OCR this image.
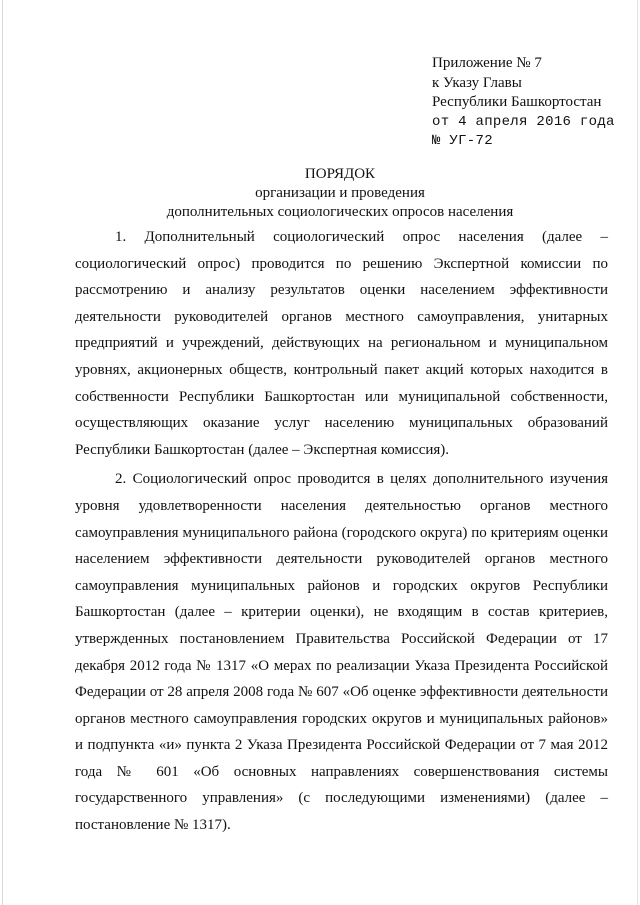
Приложение № 7
к Указу Главы
Республики Башкортостан
от 4 апреля 2016 года
№ УГ-72
ПОРЯДОК
организации и проведения
дополнительных социологических опросов населения

1. Дополнительный социологический опрос населения (далее – социологический опрос) проводится по решению Экспертной комиссии по рассмотрению и анализу результатов оценки населением эффективности деятельности руководителей органов местного самоуправления, унитарных предприятий и учреждений, действующих на региональном и муниципальном уровнях, акционерных обществ, контрольный пакет акций которых находится в собственности Республики Башкортостан или муниципальной собственности, осуществляющих оказание услуг населению муниципальных образований Республики Башкортостан (далее – Экспертная комиссия).

2. Социологический опрос проводится в целях дополнительного изучения уровня удовлетворенности населения деятельностью органов местного самоуправления муниципального района (городского округа) по критериям оценки населением эффективности деятельности руководителей органов местного самоуправления муниципальных районов и городских округов Республики Башкортостан (далее – критерии оценки), не входящим в состав критериев, утвержденных постановлением Правительства Российской Федерации от 17 декабря 2012 года № 1317 «О мерах по реализации Указа Президента Российской Федерации от 28 апреля 2008 года № 607 «Об оценке эффективности деятельности органов местного самоуправления городских округов и муниципальных районов» и подпункта «и» пункта 2 Указа Президента Российской Федерации от 7 мая 2012 года № 601 «Об основных направлениях совершенствования системы государственного управления» (с последующими изменениями) (далее – постановление № 1317).
